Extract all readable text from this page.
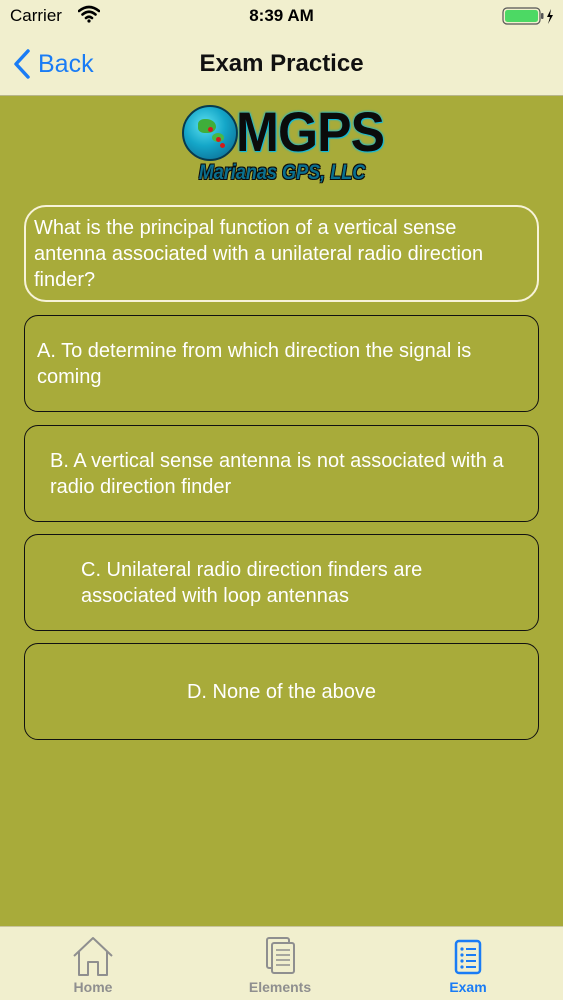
Carrier	8:39 AM
Back	Exam Practice
MGPS
Marianas GPS, LLC
What is the principal function of a vertical sense antenna associated with a unilateral radio direction finder?
A. To determine from which direction the signal is coming
B. A vertical sense antenna is not associated with a radio direction finder
C. Unilateral radio direction finders are associated with loop antennas
D. None of the above
Home	Elements	Exam
